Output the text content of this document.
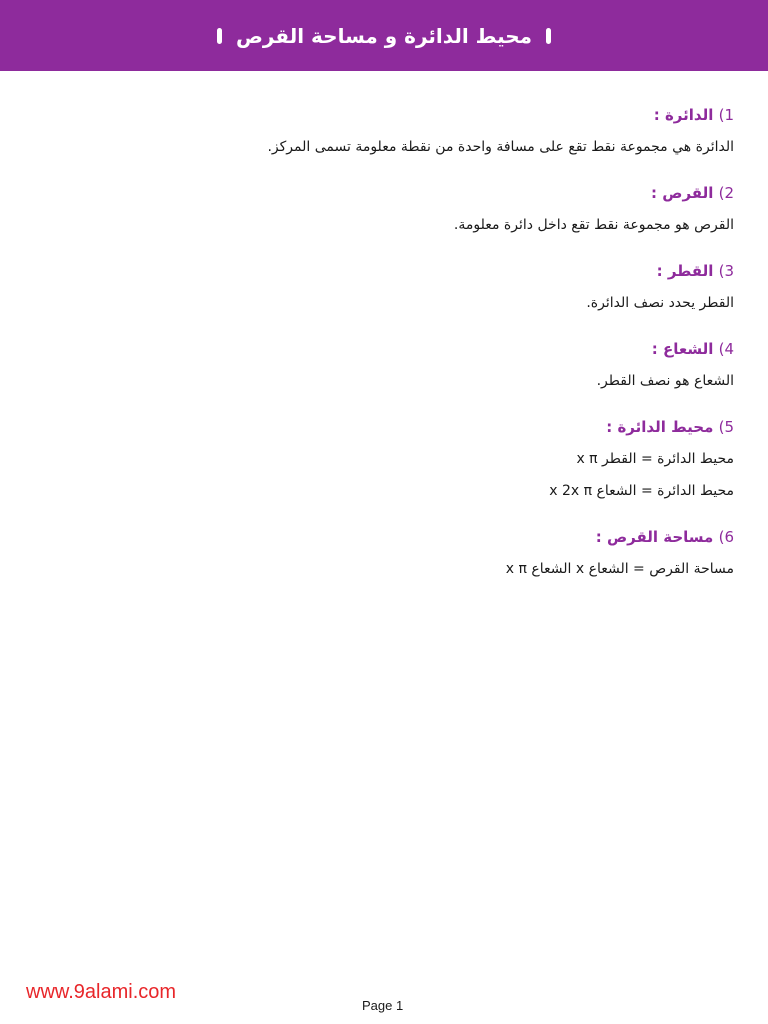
محيط الدائرة و مساحة القرص

1) الدائرة :

الدائرة هي مجموعة نقط تقع على مسافة واحدة من نقطة معلومة تسمى المركز.

2) القرص :

القرص هو مجموعة نقط تقع داخل دائرة معلومة.

3) القطر :

القطر يحدد نصف الدائرة.

4) الشعاع :

الشعاع هو نصف القطر.

5) محيط الدائرة :

محيط الدائرة = القطر x π

محيط الدائرة = الشعاع x 2x π

6) مساحة القرص :

مساحة القرص = الشعاع x الشعاع x π

www.9alami.com
Page 1
